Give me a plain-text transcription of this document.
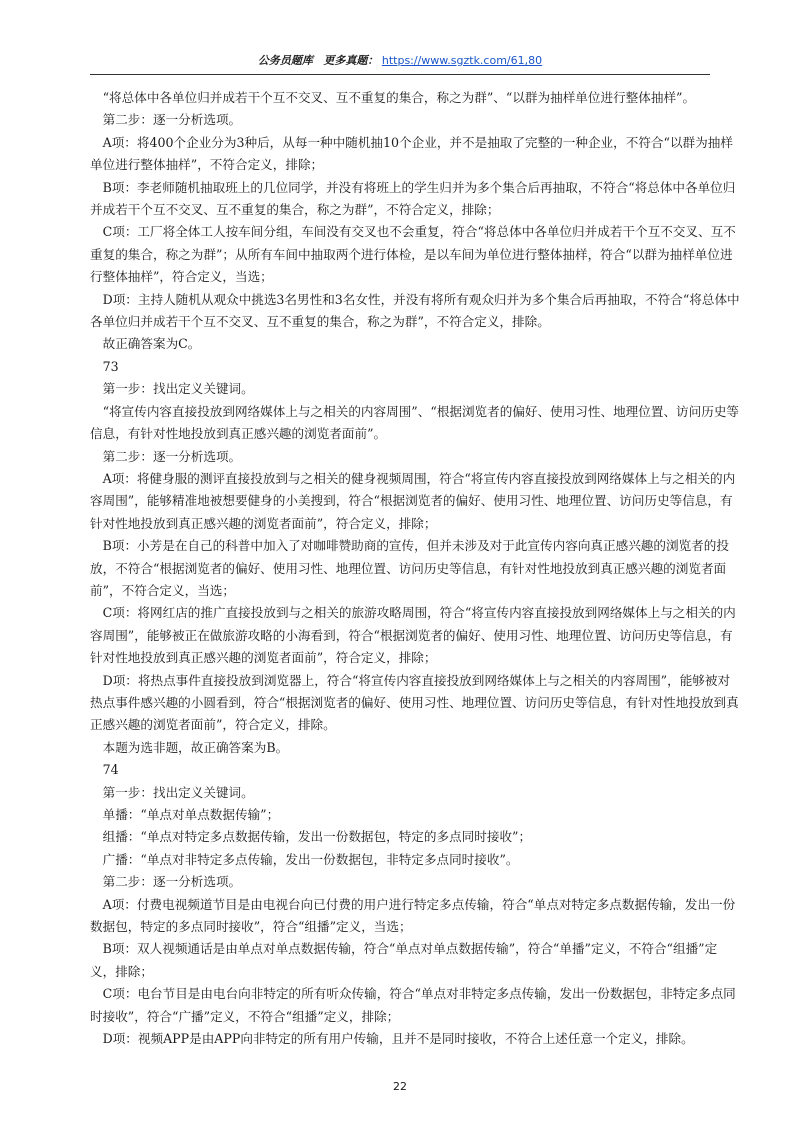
公务员题库 更多真题： https://www.sgztk.com/61,80

“将总体中各单位归并成若干个互不交叉、互不重复的集合，称之为群”、“以群为抽样单位进行整体抽样”。

第二步：逐一分析选项。

A项：将400个企业分为3种后，从每一种中随机抽10个企业，并不是抽取了完整的一种企业，不符合“以群为抽样单位进行整体抽样”，不符合定义，排除；

B项：李老师随机抽取班上的几位同学，并没有将班上的学生归并为多个集合后再抽取，不符合“将总体中各单位归并成若干个互不交叉、互不重复的集合，称之为群”，不符合定义，排除；

C项：工厂将全体工人按车间分组，车间没有交叉也不会重复，符合“将总体中各单位归并成若干个互不交叉、互不重复的集合，称之为群”；从所有车间中抽取两个进行体检，是以车间为单位进行整体抽样，符合“以群为抽样单位进行整体抽样”，符合定义，当选；

D项：主持人随机从观众中挑选3名男性和3名女性，并没有将所有观众归并为多个集合后再抽取，不符合“将总体中各单位归并成若干个互不交叉、互不重复的集合，称之为群”，不符合定义，排除。

故正确答案为C。

73

第一步：找出定义关键词。

“将宣传内容直接投放到网络媒体上与之相关的内容周围”、“根据浏览者的偏好、使用习性、地理位置、访问历史等信息，有针对性地投放到真正感兴趣的浏览者面前”。

第二步：逐一分析选项。

A项：将健身服的测评直接投放到与之相关的健身视频周围，符合“将宣传内容直接投放到网络媒体上与之相关的内容周围”，能够精准地被想要健身的小美搜到，符合“根据浏览者的偏好、使用习性、地理位置、访问历史等信息，有针对性地投放到真正感兴趣的浏览者面前”，符合定义，排除；

B项：小芳是在自己的科普中加入了对咖啡赞助商的宣传，但并未涉及对于此宣传内容向真正感兴趣的浏览者的投放，不符合“根据浏览者的偏好、使用习性、地理位置、访问历史等信息，有针对性地投放到真正感兴趣的浏览者面前”，不符合定义，当选；

C项：将网红店的推广直接投放到与之相关的旅游攻略周围，符合“将宣传内容直接投放到网络媒体上与之相关的内容周围”，能够被正在做旅游攻略的小海看到，符合“根据浏览者的偏好、使用习性、地理位置、访问历史等信息，有针对性地投放到真正感兴趣的浏览者面前”，符合定义，排除；

D项：将热点事件直接投放到浏览器上，符合“将宣传内容直接投放到网络媒体上与之相关的内容周围”，能够被对热点事件感兴趣的小圆看到，符合“根据浏览者的偏好、使用习性、地理位置、访问历史等信息，有针对性地投放到真正感兴趣的浏览者面前”，符合定义，排除。

本题为选非题，故正确答案为B。

74

第一步：找出定义关键词。

单播：“单点对单点数据传输”；

组播：“单点对特定多点数据传输，发出一份数据包，特定的多点同时接收”；

广播：“单点对非特定多点传输，发出一份数据包，非特定多点同时接收”。

第二步：逐一分析选项。

A项：付费电视频道节目是由电视台向已付费的用户进行特定多点传输，符合“单点对特定多点数据传输，发出一份数据包，特定的多点同时接收”，符合“组播”定义，当选；

B项：双人视频通话是由单点对单点数据传输，符合“单点对单点数据传输”，符合“单播”定义，不符合“组播”定义，排除；

C项：电台节目是由电台向非特定的所有听众传输，符合“单点对非特定多点传输，发出一份数据包，非特定多点同时接收”，符合“广播”定义，不符合“组播”定义，排除；

D项：视频APP是由APP向非特定的所有用户传输，且并不是同时接收，不符合上述任意一个定义，排除。

22
